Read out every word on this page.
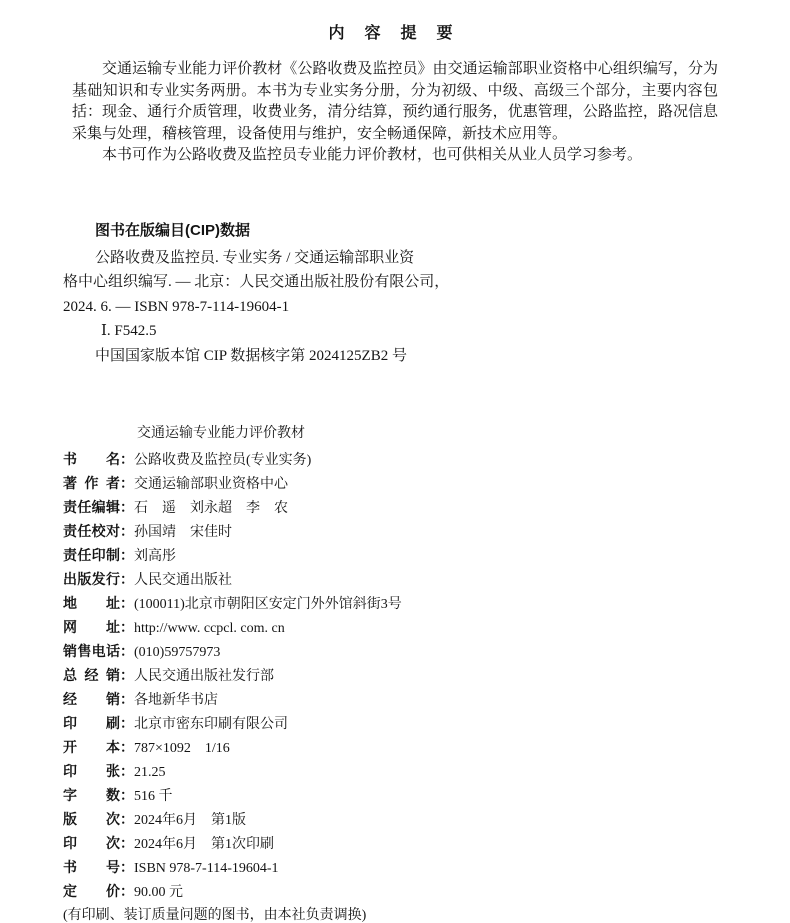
内　容　提　要

交通运输专业能力评价教材《公路收费及监控员》由交通运输部职业资格中心组织编写，分为基础知识和专业实务两册。本书为专业实务分册，分为初级、中级、高级三个部分，主要内容包括：现金、通行介质管理，收费业务，清分结算，预约通行服务，优惠管理，公路监控，路况信息采集与处理，稽核管理，设备使用与维护，安全畅通保障，新技术应用等。

本书可作为公路收费及监控员专业能力评价教材，也可供相关从业人员学习参考。

图书在版编目(CIP)数据

公路收费及监控员. 专业实务 / 交通运输部职业资

格中心组织编写. — 北京：人民交通出版社股份有限公司，

2024. 6. — ISBN 978-7-114-19604-1

Ⅰ. F542.5

中国国家版本馆 CIP 数据核字第 2024125ZB2 号

交通运输专业能力评价教材

书名 ： 公路收费及监控员(专业实务)
著作者 ： 交通运输部职业资格中心
责任编辑 ： 石　遥　刘永超　李　农
责任校对 ： 孙国靖　宋佳时
责任印制 ： 刘高彤
出版发行 ： 人民交通出版社
地址 ： (100011)北京市朝阳区安定门外外馆斜街3号
网址 ： http://www. ccpcl. com. cn
销售电话 ： (010)59757973
总经销 ： 人民交通出版社发行部
经销 ： 各地新华书店
印刷 ： 北京市密东印刷有限公司
开本 ： 787×1092　1/16
印张 ： 21.25
字数 ： 516 千
版次 ： 2024年6月　第1版
印次 ： 2024年6月　第1次印刷
书号 ： ISBN 978-7-114-19604-1
定价 ： 90.00 元

(有印刷、装订质量问题的图书，由本社负责调换)
